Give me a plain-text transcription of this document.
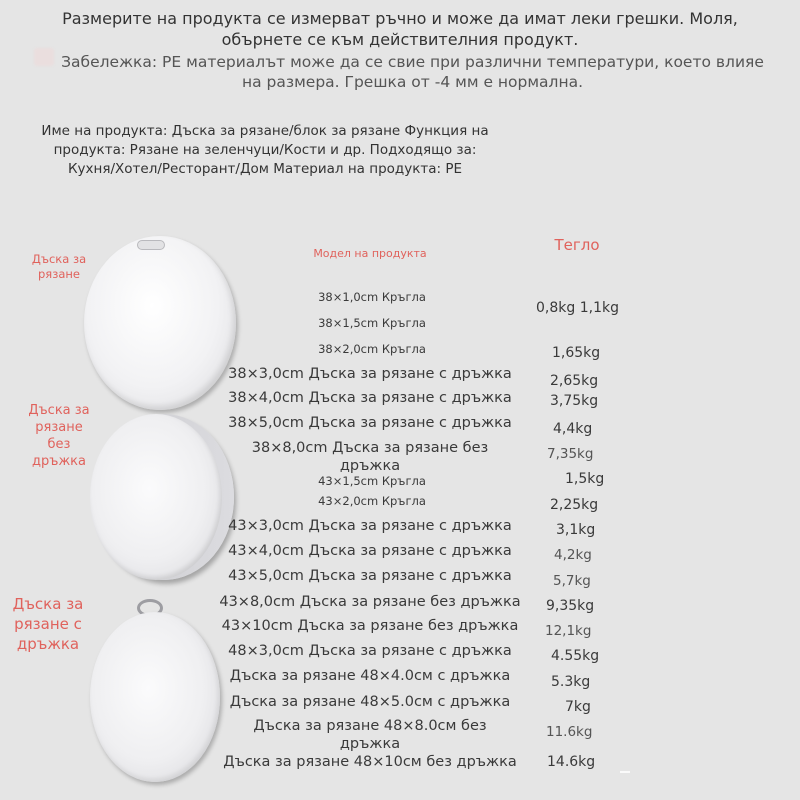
Размерите на продукта се измерват ръчно и може да имат леки грешки. Моля, обърнете се към действителния продукт.
Забележка: PE материалът може да се свие при различни температури, което влияе на размера. Грешка от -4 мм е нормална.
Име на продукта: Дъска за рязане/блок за рязане Функция на продукта: Рязане на зеленчуци/Кости и др. Подходящо за: Кухня/Хотел/Ресторант/Дом Материал на продукта: PE
Дъска за рязане
Дъска за рязане без дръжка
Дъска за рязане с дръжка
Модел на продукта	Тегло
38×1,0cm Кръгла
38×1,5cm Кръгла
38×2,0cm Кръгла
38×3,0cm Дъска за рязане с дръжка
38×4,0cm Дъска за рязане с дръжка
38×5,0cm Дъска за рязане с дръжка
38×8,0cm Дъска за рязане без дръжка
43×1,5cm Кръгла
43×2,0cm Кръгла
43×3,0cm Дъска за рязане с дръжка
43×4,0cm Дъска за рязане с дръжка
43×5,0cm Дъска за рязане с дръжка
43×8,0cm Дъска за рязане без дръжка
43×10cm Дъска за рязане без дръжка
48×3,0cm Дъска за рязане с дръжка
Дъска за рязане 48×4.0см с дръжка
Дъска за рязане 48×5.0см с дръжка
Дъска за рязане 48×8.0см без дръжка
Дъска за рязане 48×10см без дръжка
0,8kg 1,1kg
1,65kg
2,65kg
3,75kg
4,4kg
7,35kg
1,5kg
2,25kg
3,1kg
4,2kg
5,7kg
9,35kg
12,1kg
4.55kg
5.3kg
7kg
11.6kg
14.6kg
